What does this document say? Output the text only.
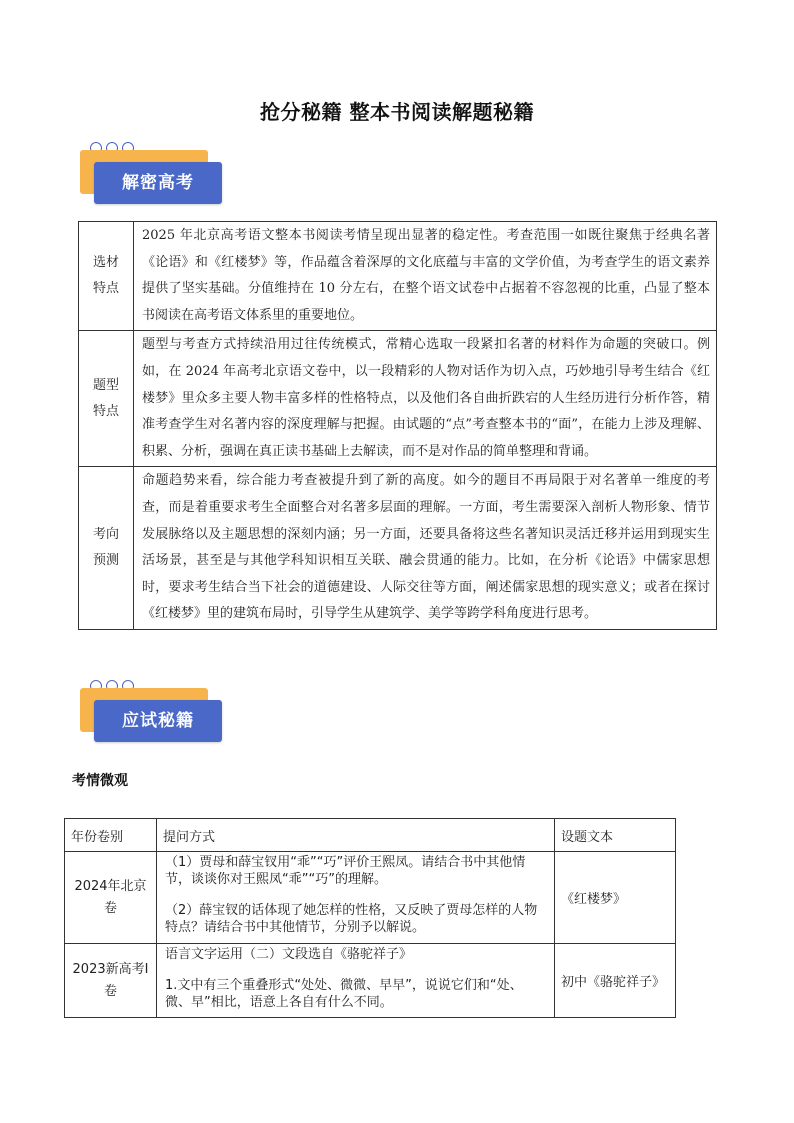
抢分秘籍 整本书阅读解题秘籍
解密高考
选材
特点	2025 年北京高考语文整本书阅读考情呈现出显著的稳定性。考查范围一如既往聚焦于经典名著《论语》和《红楼梦》等，作品蕴含着深厚的文化底蕴与丰富的文学价值，为考查学生的语文素养提供了坚实基础。分值维持在 10 分左右，在整个语文试卷中占据着不容忽视的比重，凸显了整本书阅读在高考语文体系里的重要地位。
题型
特点	题型与考查方式持续沿用过往传统模式，常精心选取一段紧扣名著的材料作为命题的突破口。例如，在 2024 年高考北京语文卷中，以一段精彩的人物对话作为切入点，巧妙地引导考生结合《红楼梦》里众多主要人物丰富多样的性格特点，以及他们各自曲折跌宕的人生经历进行分析作答，精准考查学生对名著内容的深度理解与把握。由试题的“点”考查整本书的“面”，在能力上涉及理解、积累、分析，强调在真正读书基础上去解读，而不是对作品的简单整理和背诵。
考向
预测	命题趋势来看，综合能力考查被提升到了新的高度。如今的题目不再局限于对名著单一维度的考查，而是着重要求考生全面整合对名著多层面的理解。一方面，考生需要深入剖析人物形象、情节发展脉络以及主题思想的深刻内涵；另一方面，还要具备将这些名著知识灵活迁移并运用到现实生活场景，甚至是与其他学科知识相互关联、融会贯通的能力。比如，在分析《论语》中儒家思想时，要求考生结合当下社会的道德建设、人际交往等方面，阐述儒家思想的现实意义；或者在探讨《红楼梦》里的建筑布局时，引导学生从建筑学、美学等跨学科角度进行思考。
应试秘籍
考情微观
年份卷别	提问方式	设题文本
2024年北京卷	（1）贾母和薛宝钗用“乖”“巧”评价王熙凤。请结合书中其他情节，谈谈你对王熙凤“乖”“巧”的理解。

（2）薛宝钗的话体现了她怎样的性格，又反映了贾母怎样的人物特点？请结合书中其他情节，分别予以解说。	《红楼梦》
2023新高考Ⅰ卷	语言文字运用（二）文段选自《骆驼祥子》

1.文中有三个重叠形式“处处、微微、早早”，说说它们和“处、微、早”相比，语意上各自有什么不同。	初中《骆驼祥子》
